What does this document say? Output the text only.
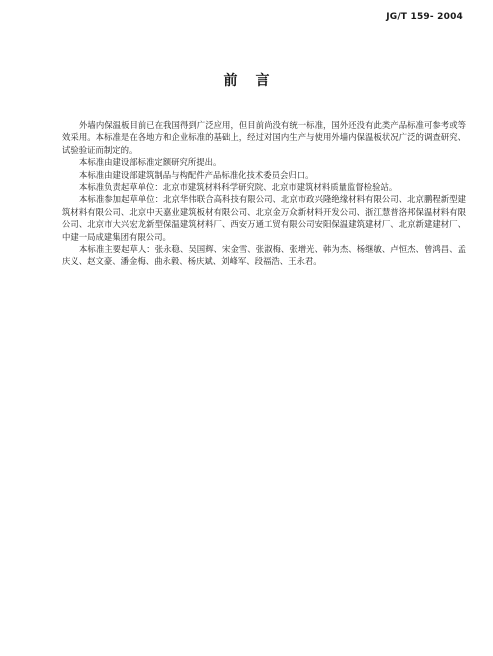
JG/T 159- 2004
前言

外墙内保温板目前已在我国得到广泛应用，但目前尚没有统一标准，国外还没有此类产品标准可参考或等效采用。本标准是在各地方和企业标准的基础上，经过对国内生产与使用外墙内保温板状况广泛的调查研究、试验验证而制定的。

本标准由建设部标准定额研究所提出。

本标准由建设部建筑制品与构配件产品标准化技术委员会归口。

本标准负责起草单位：北京市建筑材料科学研究院、北京市建筑材料质量监督检验站。

本标准参加起草单位：北京华伟联合高科技有限公司、北京市政兴隆绝缘材料有限公司、北京鹏程新型建筑材料有限公司、北京中天嘉业建筑板材有限公司、北京金万众新材料开发公司、浙江慧普洛邦保温材料有限公司、北京市大兴宏龙新型保温建筑材料厂、西安万通工贸有限公司安阳保温建筑建材厂、北京新建建材厂、中建一局成建集团有限公司。

本标准主要起草人：张永稳、吴国辉、宋金雪、张淑梅、张增光、韩为杰、杨继敏、卢恒杰、曾鸿昌、孟庆义、赵文豪、潘金梅、曲永毅、杨庆斌、刘峰军、段福浩、王永君。
